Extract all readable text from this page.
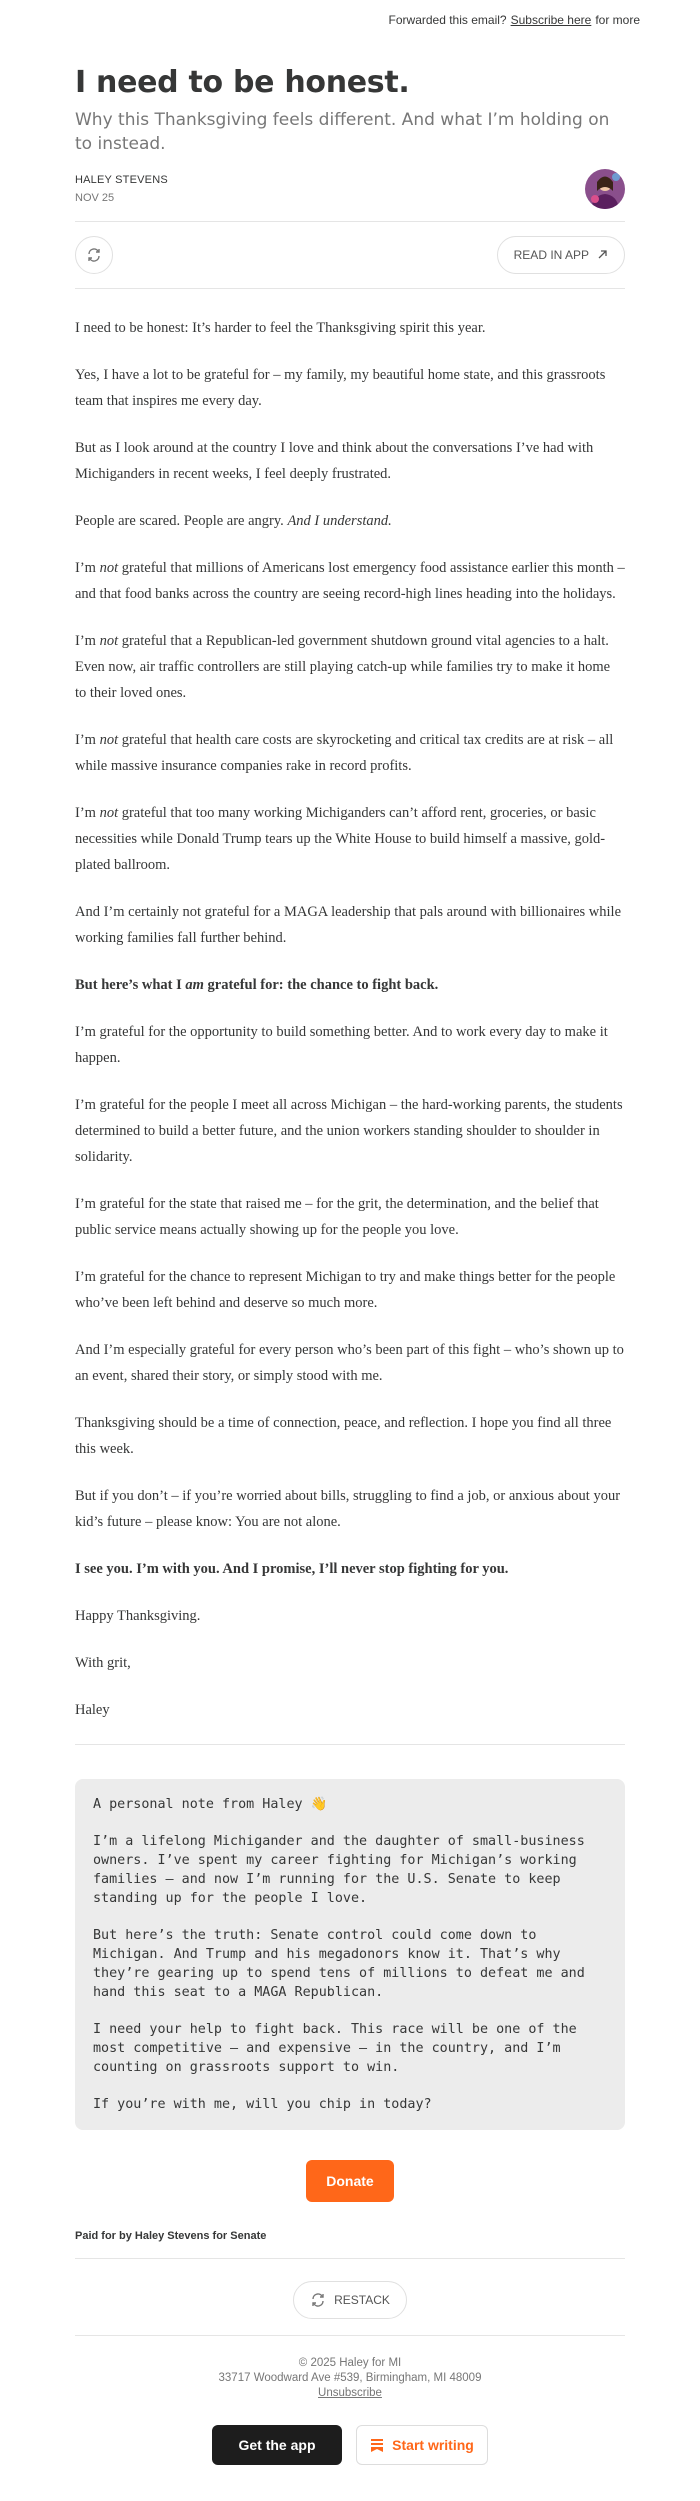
Forwarded this email? Subscribe here for more
I need to be honest.
Why this Thanksgiving feels different. And what I’m holding on to instead.
HALEY STEVENS
NOV 25
READ IN APP

I need to be honest: It’s harder to feel the Thanksgiving spirit this year.

Yes, I have a lot to be grateful for – my family, my beautiful home state, and this grassroots team that inspires me every day.

But as I look around at the country I love and think about the conversations I’ve had with Michiganders in recent weeks, I feel deeply frustrated.

People are scared. People are angry. And I understand.

I’m not grateful that millions of Americans lost emergency food assistance earlier this month – and that food banks across the country are seeing record-high lines heading into the holidays.

I’m not grateful that a Republican-led government shutdown ground vital agencies to a halt. Even now, air traffic controllers are still playing catch-up while families try to make it home to their loved ones.

I’m not grateful that health care costs are skyrocketing and critical tax credits are at risk – all while massive insurance companies rake in record profits.

I’m not grateful that too many working Michiganders can’t afford rent, groceries, or basic necessities while Donald Trump tears up the White House to build himself a massive, gold-plated ballroom.

And I’m certainly not grateful for a MAGA leadership that pals around with billionaires while working families fall further behind.

But here’s what I am grateful for: the chance to fight back.

I’m grateful for the opportunity to build something better. And to work every day to make it happen.

I’m grateful for the people I meet all across Michigan – the hard-working parents, the students determined to build a better future, and the union workers standing shoulder to shoulder in solidarity.

I’m grateful for the state that raised me – for the grit, the determination, and the belief that public service means actually showing up for the people you love.

I’m grateful for the chance to represent Michigan to try and make things better for the people who’ve been left behind and deserve so much more.

And I’m especially grateful for every person who’s been part of this fight – who’s shown up to an event, shared their story, or simply stood with me.

Thanksgiving should be a time of connection, peace, and reflection. I hope you find all three this week.

But if you don’t – if you’re worried about bills, struggling to find a job, or anxious about your kid’s future – please know: You are not alone.

I see you. I’m with you. And I promise, I’ll never stop fighting for you.

Happy Thanksgiving.

With grit,

Haley

A personal note from Haley 👋

I’m a lifelong Michigander and the daughter of small-business owners. I’ve spent my career fighting for Michigan’s working families – and now I’m running for the U.S. Senate to keep standing up for the people I love.

But here’s the truth: Senate control could come down to Michigan. And Trump and his megadonors know it. That’s why they’re gearing up to spend tens of millions to defeat me and hand this seat to a MAGA Republican.

I need your help to fight back. This race will be one of the most competitive – and expensive – in the country, and I’m counting on grassroots support to win.

If you’re with me, will you chip in today?

Donate
Paid for by Haley Stevens for Senate
RESTACK
© 2025 Haley for MI
33717 Woodward Ave #539, Birmingham, MI 48009
Unsubscribe
Get the app	Start writing
